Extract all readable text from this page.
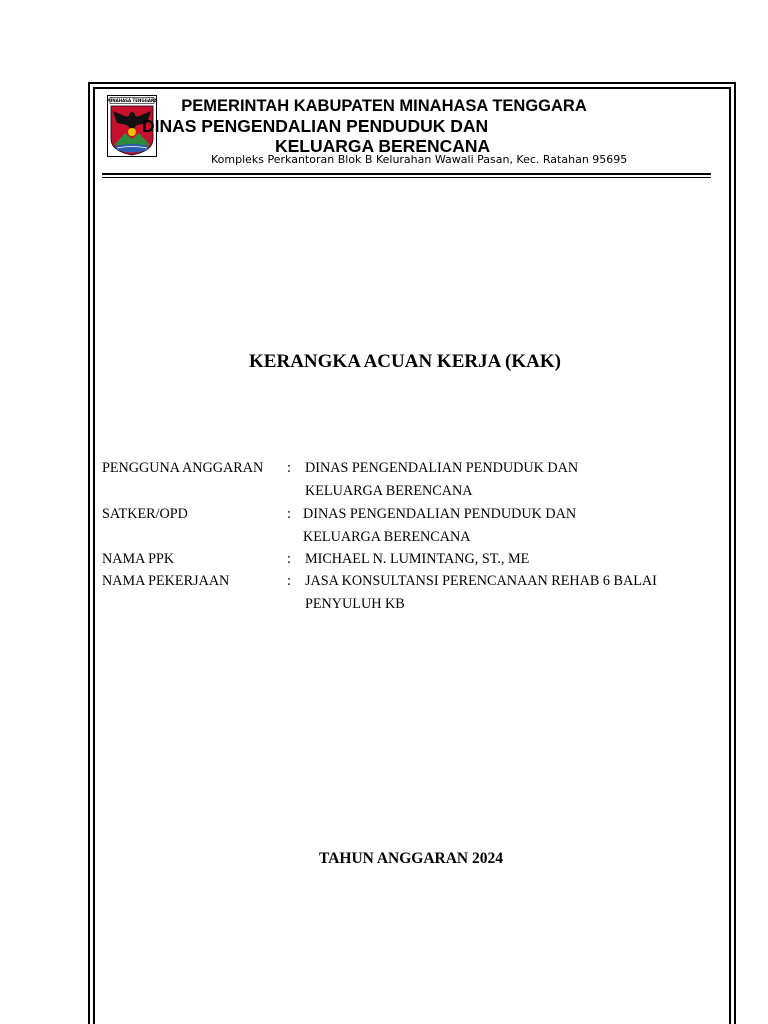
MINAHASA TENGGARA	PEMERINTAH KABUPATEN MINAHASA TENGGARA
DINAS PENGENDALIAN PENDUDUK DAN
KELUARGA BERENCANA
Kompleks Perkantoran Blok B Kelurahan Wawali Pasan, Kec. Ratahan 95695
KERANGKA ACUAN KERJA (KAK)
PENGGUNA ANGGARAN : DINAS PENGENDALIAN PENDUDUK DAN
KELUARGA BERENCANA
SATKER/OPD	: DINAS PENGENDALIAN PENDUDUK DAN
KELUARGA BERENCANA
NAMA PPK	: MICHAEL N. LUMINTANG, ST., ME
NAMA PEKERJAAN	: JASA KONSULTANSI PERENCANAAN REHAB 6 BALAI
PENYULUH KB
TAHUN ANGGARAN 2024
